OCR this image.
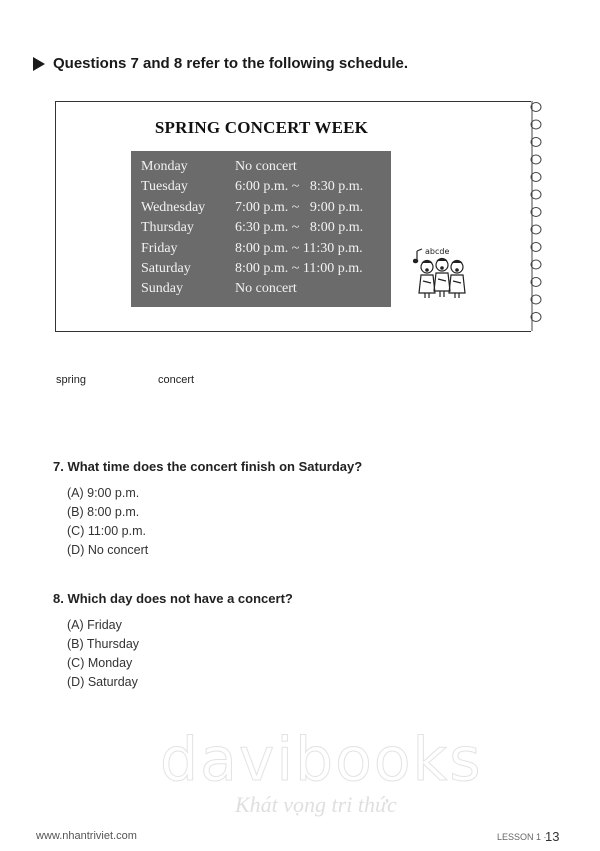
Questions 7 and 8 refer to the following schedule.
SPRING CONCERT WEEK
Monday	No concert
Tuesday	6:00 p.m. ~   8:30 p.m.
Wednesday	7:00 p.m. ~   9:00 p.m.
Thursday	6:30 p.m. ~   8:00 p.m.
Friday	8:00 p.m. ~ 11:30 p.m.
Saturday	8:00 p.m. ~ 11:00 p.m.
Sunday	No concert
abcde
spring	concert
7. What time does the concert finish on Saturday?
(A) 9:00 p.m.
(B) 8:00 p.m.
(C) 11:00 p.m.
(D) No concert
8. Which day does not have a concert?
(A) Friday
(B) Thursday
(C) Monday
(D) Saturday
davibooks
Khát vọng tri thức
www.nhantriviet.com	LESSON 1 ·
13
